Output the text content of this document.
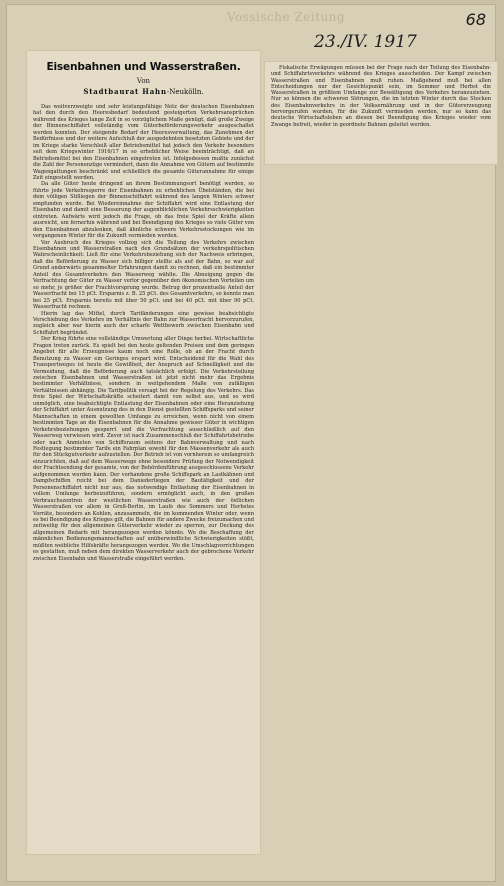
Vossische Zeitung	68
23./IV. 1917
Eisenbahnen und Wasserstraßen.
Von
Stadtbaurat Hahn-Neukölln.

Das weitverzweigte und sehr leistungsfähige Netz der deutschen Eisenbahnen hat den durch den Heeresbedarf bedeutend gesteigerten Verkehrsansprüchen während des Krieges lange Zeit in so vorzüglichem Maße genügt, daß große Zweige der Binnenschiffahrt vollständig vom Güterbeförderungsverkehr ausgeschaltet werden konnten. Der steigende Bedarf der Heeresverwaltung, das Zunehmen der Bedürfnisse und der weitere Aufschluß der ausgedehnten besetzten Gebiete und der im Kriege starke Verschleiß aller Betriebsmittel hat jedoch den Verkehr besonders seit dem Kriegswinter 1916/17 in so erheblicher Weise beeinträchtigt, daß an Betriebsmittel bei den Eisenbahnen eingetreten ist. Infolgedessen mußte zunächst die Zahl der Personenzüge vermindert, dann die Annahme von Gütern auf bestimmte Wagengattungen beschränkt und schließlich die gesamte Güterannahme für einige Zeit eingestellt werden.

Da alle Güter heute dringend an ihrem Bestimmungsort benötigt werden, so führte jede Verkehrssperre der Eisenbahnen zu erheblichen Übelständen, die bei dem völligen Stilliegen der Binnenschiffahrt während des langen Winters schwer empfunden wurde. Bei Wiedereinnahme der Schiffahrt wird eine Entlastung der Eisenbahn und damit eine Besserung der augenblicklichen Verkehrsschwierigkeiten eintreten. Aufwärts wird jedoch die Frage, ob das freie Spiel der Kräfte allein ausreicht, um fernerhin während und bei Beendigung des Krieges so viele Güter von den Eisenbahnen abzulenken, daß ähnliche schwere Verkehrsstockungen wie im vergangenen Winter für die Zukunft vermieden werden.

Vor Ausbruch des Krieges vollzog sich die Teilung des Verkehrs zwischen Eisenbahnen und Wasserstraßen nach den Grundsätzen der verkehrspolitischen Wahrscheinlichkeit: Ließ für eine Verkehrsbeziehung sich der Nachweis erbringen, daß die Beförderung zu Wasser sich billiger stellte als auf der Bahn, so war auf Grund anderwärts gesammelter Erfahrungen damit zu rechnen, daß ein bestimmter Anteil des Gesamtverkehrs den Wasserweg wählte. Die Abneigung gegen die Verfrachtung der Güter zu Wasser verlor gegenüber den ökonomischen Vorteilen um so mehr, je größer der Frachtvorsprung wurde. Betrug der prozentuelle Anteil der Wasserfracht bei 15 pCt. Ersparnis z. B. 25 pCt. des Gesamtverkehrs, so konnte man bei 25 pCt. Ersparnis bereits mit über 50 pCt. und bei 40 pCt. mit über 90 pCt. Wasserfracht rechnen.

Hierin lag das Mittel, durch Tarifänderungen eine gewisse beabsichtigte Verschiebung des Verkehrs im Verhältnis der Bahn zur Wasserfracht hervorzurufen, zugleich aber war hierin auch der scharfe Wettbewerb zwischen Eisenbahn und Schiffahrt begründet.

Der Krieg führte eine vollständige Umwertung aller Dinge herbei. Wirtschaftliche Fragen treten zurück. Es spielt bei den heute geltenden Preisen und dem geringen Angebot für alle Erzeugnisse kaum noch eine Rolle, ob an der Fracht durch Benutzung zu Wasser ein Geringes erspart wird. Entscheidend für die Wahl des Transportweges ist heute die Gewißheit, der Anspruch auf Schnelligkeit und die Vermeidung, daß die Beförderung auch tatsächlich erfolgt. Die Verkehrsteilung zwischen Eisenbahnen und Wasserstraßen ist jetzt nicht mehr das Ergebnis bestimmter Verhältnisse, sondern in weitgehendem Maße von zufälligen Verhältnissen abhängig. Die Tarifpolitik versagt bei der Regelung des Verkehrs. Das freie Spiel der Wirtschaftskräfte scheitert damit von selbst aus, und so wird unmöglich, eine beabsichtigte Entlastung der Eisenbahnen oder eine Heranziehung der Schiffahrt unter Ausnutzung des in den Dienst gestellten Schiffsparks und seiner Mannschaften in einem gewollten Umfange zu erreichen, wenn nicht von einem bestimmten Tage an die Eisenbahnen für die Annahme gewisser Güter in wichtigen Verkehrsbeziehungen gesperrt und die Verfrachtung ausschließlich auf den Wasserweg verwiesen wird. Zuvor ist nach Zusammenschluß der Schiffahrtsbetriebe oder nach Anmieten von Schiffsraum seitens der Bahnverwaltung und nach Festlegung bestimmter Tarife ein Fahrplan sowohl für den Massenverkehr als auch für den Stückgutverkehr aufzustellen. Der Betrieb ist von vornherein so umfangreich einzurichten, daß auf dem Wasserwege ohne besondere Prüfung der Notwendigkeit der Frachtsendung der gesamte, von der Behördenführung ausgeschlossene Verkehr aufgenommen werden kann. Der vorhandene große Schiffspark an Lastkähnen und Dampfschiffen reicht bei dem Daniederliegen der Bautätigkeit und der Personenschiffahrt nicht nur aus, das notwendige Entlastung der Eisenbahnen in vollem Umfange herbeizuführen, sondern ermöglicht auch, in den großen Verbrauchszentren der westlichen Wasserstraßen wie auch der östlichen Wasserstraßen vor allem in Groß-Berlin, im Laufe des Sommers und Herbstes Vorräte, besonders an Kohlen, anzusammeln, die im kommenden Winter oder, wenn es bei Beendigung des Krieges gilt, die Bahnen für andere Zwecke freizumachen und zeitweilig für den allgemeinen Güterverkehr wieder zu sperren, zur Deckung des allgemeinen Bedarfs mit herangezogen werden könnte. Wo die Beschaffung der männlichen Bedienungsmannschaften auf unüberwindliche Schwierigkeiten stößt, müßten weibliche Hilfskräfte herangezogen werden. Wo die Umschlagvorrichtungen es gestatten, muß neben dem direkten Wasserverkehr auch der gebrochene Verkehr zwischen Eisenbahn und Wasserstraße eingeführt werden.

Fiskalische Erwägungen müssen bei der Frage nach der Teilung des Eisenbahn- und Schiffahrtsverkehrs während des Krieges ausscheiden. Der Kampf zwischen Wasserstraßen und Eisenbahnen muß ruhen. Maßgebend muß bei allen Entscheidungen nur der Gesichtspunkt sein, im Sommer und Herbst die Wasserstraßen in größtem Umfange zur Bewältigung des Verkehrs heranzuziehen. Nur so können die schweren Störungen, die im letzten Winter durch das Stocken des Eisenbahnverkehrs in der Volksernährung und in der Gütererzeugung hervorgerufen wurden, für die Zukunft vermieden werden, nur so kann das deutsche Wirtschaftsleben an diesen bei Beendigung des Krieges wieder vom Zwange befreit, wieder in geordnete Bahnen geleitet werden.
